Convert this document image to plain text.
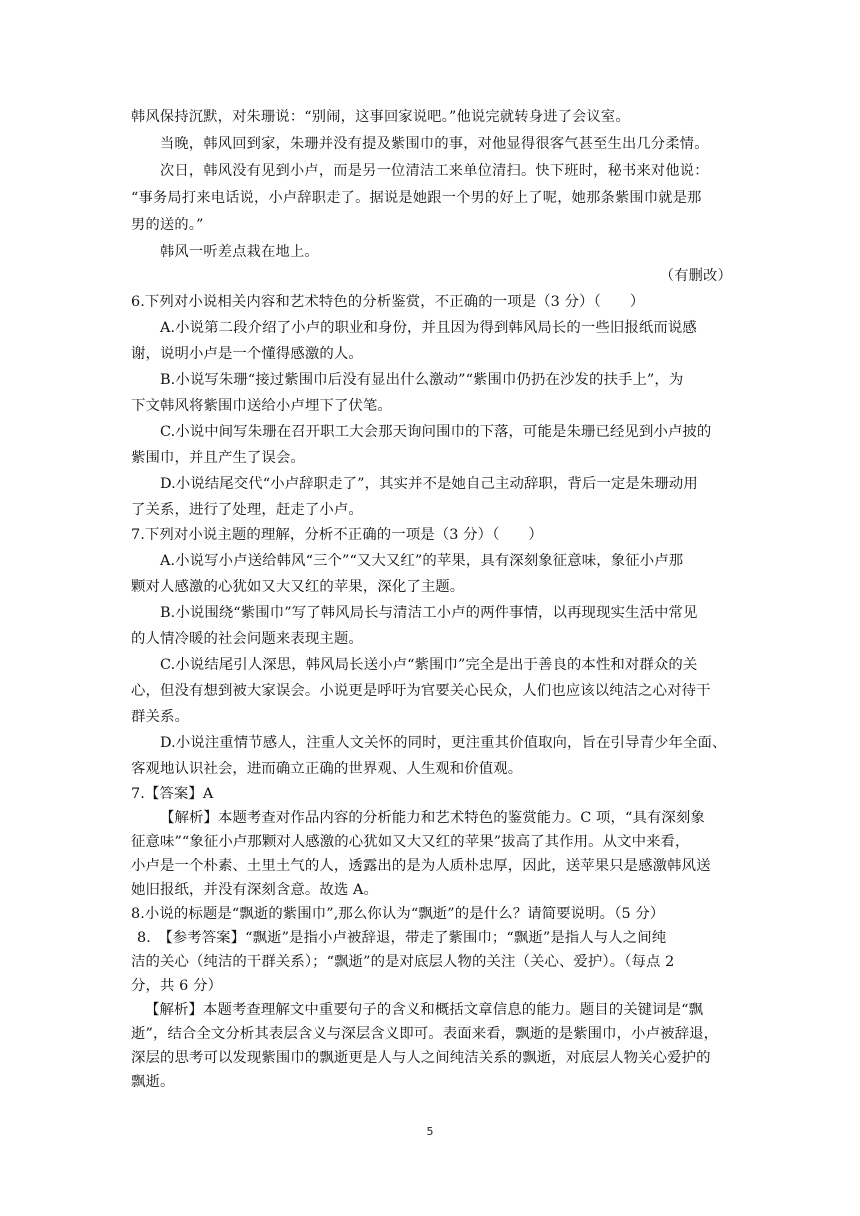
韩风保持沉默，对朱珊说：“别闹，这事回家说吧。”他说完就转身进了会议室。
当晚，韩风回到家，朱珊并没有提及紫围巾的事，对他显得很客气甚至生出几分柔情。
次日，韩风没有见到小卢，而是另一位清洁工来单位清扫。快下班时，秘书来对他说：
“事务局打来电话说，小卢辞职走了。据说是她跟一个男的好上了呢，她那条紫围巾就是那
男的送的。”
韩风一听差点栽在地上。
（有删改）
6.下列对小说相关内容和艺术特色的分析鉴赏，不正确的一项是（3 分）（　　）
A.小说第二段介绍了小卢的职业和身份，并且因为得到韩风局长的一些旧报纸而说感
谢，说明小卢是一个懂得感激的人。
B.小说写朱珊“接过紫围巾后没有显出什么激动”“紫围巾仍扔在沙发的扶手上”，为
下文韩风将紫围巾送给小卢埋下了伏笔。
C.小说中间写朱珊在召开职工大会那天询问围巾的下落，可能是朱珊已经见到小卢披的
紫围巾，并且产生了误会。
D.小说结尾交代“小卢辞职走了”，其实并不是她自己主动辞职，背后一定是朱珊动用
了关系，进行了处理，赶走了小卢。
7.下列对小说主题的理解，分析不正确的一项是（3 分）（　　）
A.小说写小卢送给韩风“三个”“又大又红”的苹果，具有深刻象征意味，象征小卢那
颗对人感激的心犹如又大又红的苹果，深化了主题。
B.小说围绕“紫围巾”写了韩风局长与清洁工小卢的两件事情，以再现现实生活中常见
的人情冷暖的社会问题来表现主题。
C.小说结尾引人深思，韩风局长送小卢“紫围巾”完全是出于善良的本性和对群众的关
心，但没有想到被大家误会。小说更是呼吁为官要关心民众，人们也应该以纯洁之心对待干
群关系。
D.小说注重情节感人，注重人文关怀的同时，更注重其价值取向，旨在引导青少年全面、
客观地认识社会，进而确立正确的世界观、人生观和价值观。
7.【答案】A
【解析】本题考查对作品内容的分析能力和艺术特色的鉴赏能力。C 项，“具有深刻象
征意味”“象征小卢那颗对人感激的心犹如又大又红的苹果”拔高了其作用。从文中来看，
小卢是一个朴素、土里土气的人，透露出的是为人质朴忠厚，因此，送苹果只是感激韩风送
她旧报纸，并没有深刻含意。故选 A。
8.小说的标题是“飘逝的紫围巾”,那么你认为“飘逝”的是什么？请简要说明。（5 分）
8.　【参考答案】“飘逝”是指小卢被辞退，带走了紫围巾；“飘逝”是指人与人之间纯
洁的关心（纯洁的干群关系）；“飘逝”的是对底层人物的关注（关心、爱护）。（每点 2
分，共 6 分）
【解析】本题考查理解文中重要句子的含义和概括文章信息的能力。题目的关键词是“飘
逝”，结合全文分析其表层含义与深层含义即可。表面来看，飘逝的是紫围巾，小卢被辞退，
深层的思考可以发现紫围巾的飘逝更是人与人之间纯洁关系的飘逝，对底层人物关心爱护的
飘逝。
5
